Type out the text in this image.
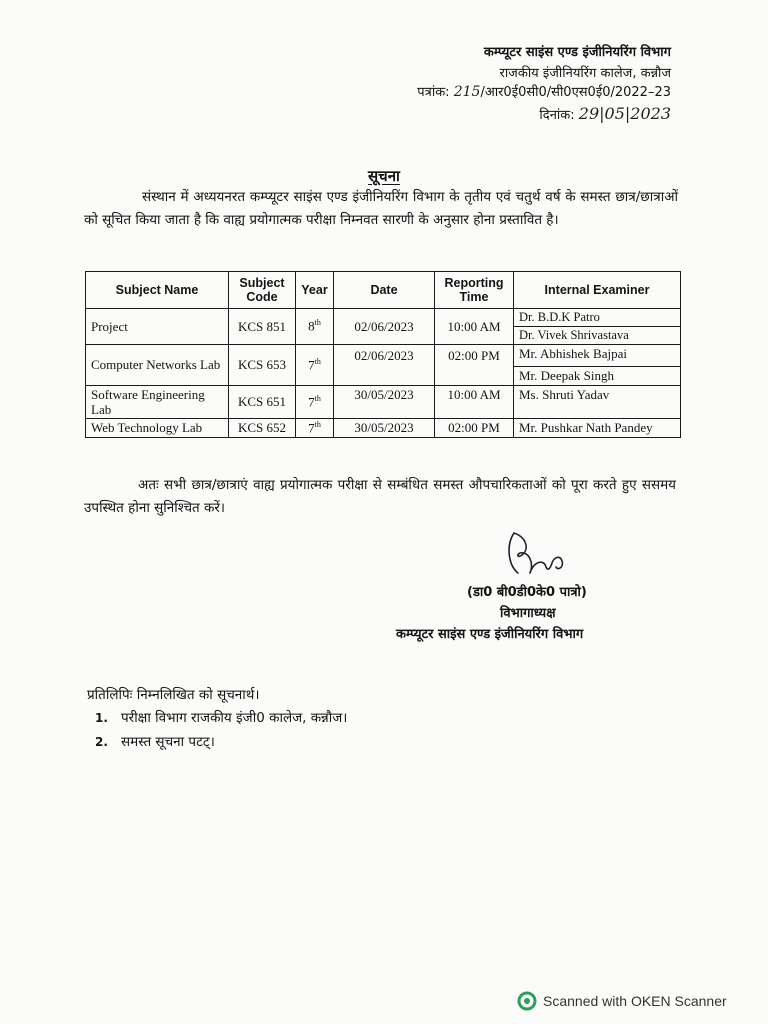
कम्प्यूटर साइंस एण्ड इंजीनियरिंग विभाग
राजकीय इंजीनियरिंग कालेज, कन्नौज
पत्रांक: 215/आर0ई0सी0/सी0एस0ई0/2022–23
दिनांक: 29|05|2023
सूचना
संस्थान में अध्ययनरत कम्प्यूटर साइंस एण्ड इंजीनियरिंग विभाग के तृतीय एवं चतुर्थ वर्ष के समस्त छात्र/छात्राओं को सूचित किया जाता है कि वाह्य प्रयोगात्मक परीक्षा निम्नवत सारणी के अनुसार होना प्रस्तावित है।
Subject Name	Subject Code	Year	Date	Reporting Time	Internal Examiner
Project	KCS 851	8th	02/06/2023	10:00 AM	Dr. B.D.K Patro
					Dr. Vivek Shrivastava
Computer Networks Lab	KCS 653	7th	02/06/2023	02:00 PM	Mr. Abhishek Bajpai
					Mr. Deepak Singh
Software Engineering Lab	KCS 651	7th	30/05/2023	10:00 AM	Ms. Shruti Yadav
Web Technology Lab	KCS 652	7th	30/05/2023	02:00 PM	Mr. Pushkar Nath Pandey
अतः सभी छात्र/छात्राएं वाह्य प्रयोगात्मक परीक्षा से सम्बंधित समस्त औपचारिकताओं को पूरा करते हुए ससमय उपस्थित होना सुनिश्चित करें।
(डा0 बी0डी0के0 पात्रो)
विभागाध्यक्ष
कम्प्यूटर साइंस एण्ड इंजीनियरिंग विभाग
प्रतिलिपिः निम्नलिखित को सूचनार्थ।
1. परीक्षा विभाग राजकीय इंजी0 कालेज, कन्नौज।
2. समस्त सूचना पटट्।
Scanned with OKEN Scanner
